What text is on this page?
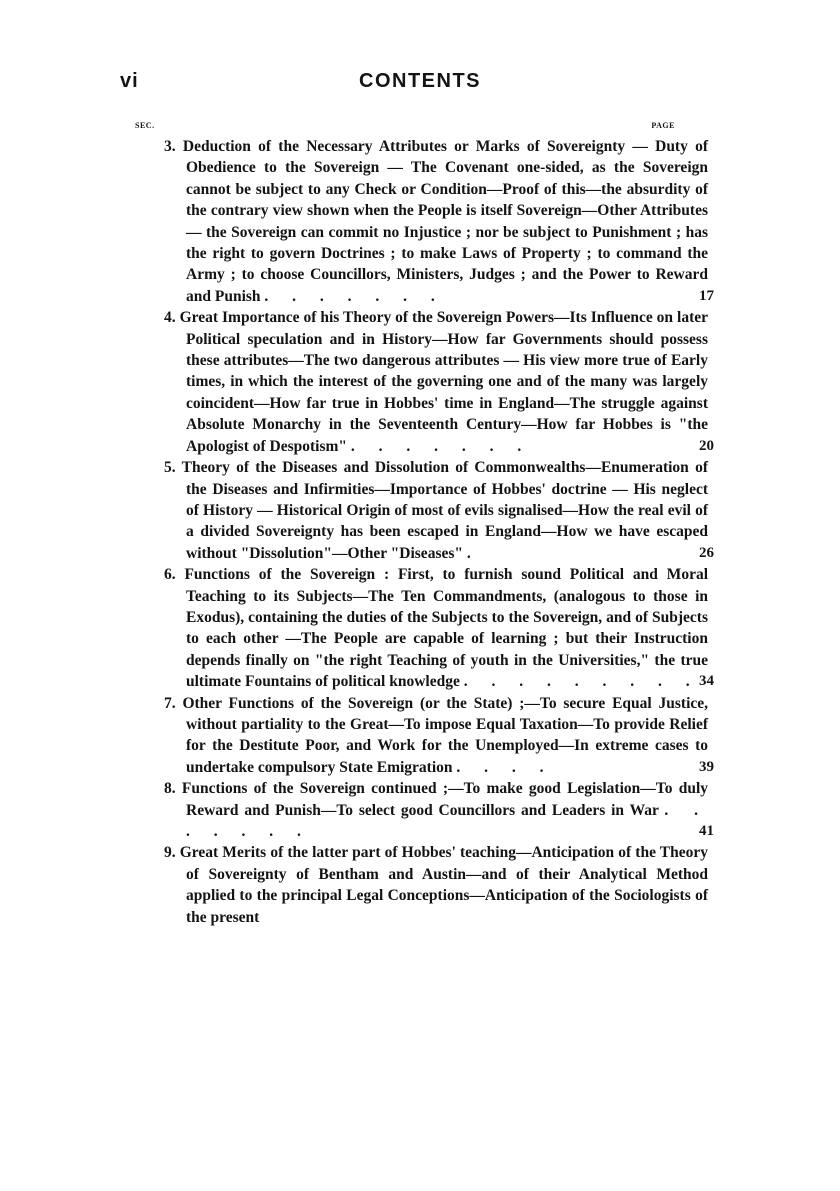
vi	CONTENTS
SEC.	PAGE
3. Deduction of the Necessary Attributes or Marks of Sovereignty — Duty of Obedience to the Sovereign — The Covenant one-sided, as the Sovereign cannot be subject to any Check or Condition—Proof of this—the absurdity of the contrary view shown when the People is itself Sovereign—Other Attributes — the Sovereign can commit no Injustice ; nor be subject to Punishment ; has the right to govern Doctrines ; to make Laws of Property ; to command the Army ; to choose Councillors, Ministers, Judges ; and the Power to Reward and Punish . . . . . . .	17
4. Great Importance of his Theory of the Sovereign Powers—Its Influence on later Political speculation and in History—How far Governments should possess these attributes—The two dangerous attributes — His view more true of Early times, in which the interest of the governing one and of the many was largely coincident—How far true in Hobbes' time in England—The struggle against Absolute Monarchy in the Seventeenth Century—How far Hobbes is "the Apologist of Despotism" . . . . . . .	20
5. Theory of the Diseases and Dissolution of Commonwealths—Enumeration of the Diseases and Infirmities—Importance of Hobbes' doctrine — His neglect of History — Historical Origin of most of evils signalised—How the real evil of a divided Sovereignty has been escaped in England—How we have escaped without "Dissolution"—Other "Diseases" .	26
6. Functions of the Sovereign : First, to furnish sound Political and Moral Teaching to its Subjects—The Ten Commandments, (analogous to those in Exodus), containing the duties of the Subjects to the Sovereign, and of Subjects to each other —The People are capable of learning ; but their Instruction depends finally on "the right Teaching of youth in the Universities," the true ultimate Fountains of political knowledge . . . . . . . . . 34
7. Other Functions of the Sovereign (or the State) ;—To secure Equal Justice, without partiality to the Great—To impose Equal Taxation—To provide Relief for the Destitute Poor, and Work for the Unemployed—In extreme cases to undertake compulsory State Emigration . . . .	39
8. Functions of the Sovereign continued ;—To make good Legislation—To duly Reward and Punish—To select good Councillors and Leaders in War . . . . . . .	41
9. Great Merits of the latter part of Hobbes' teaching—Anticipation of the Theory of Sovereignty of Bentham and Austin—and of their Analytical Method applied to the principal Legal Conceptions—Anticipation of the Sociologists of the present
